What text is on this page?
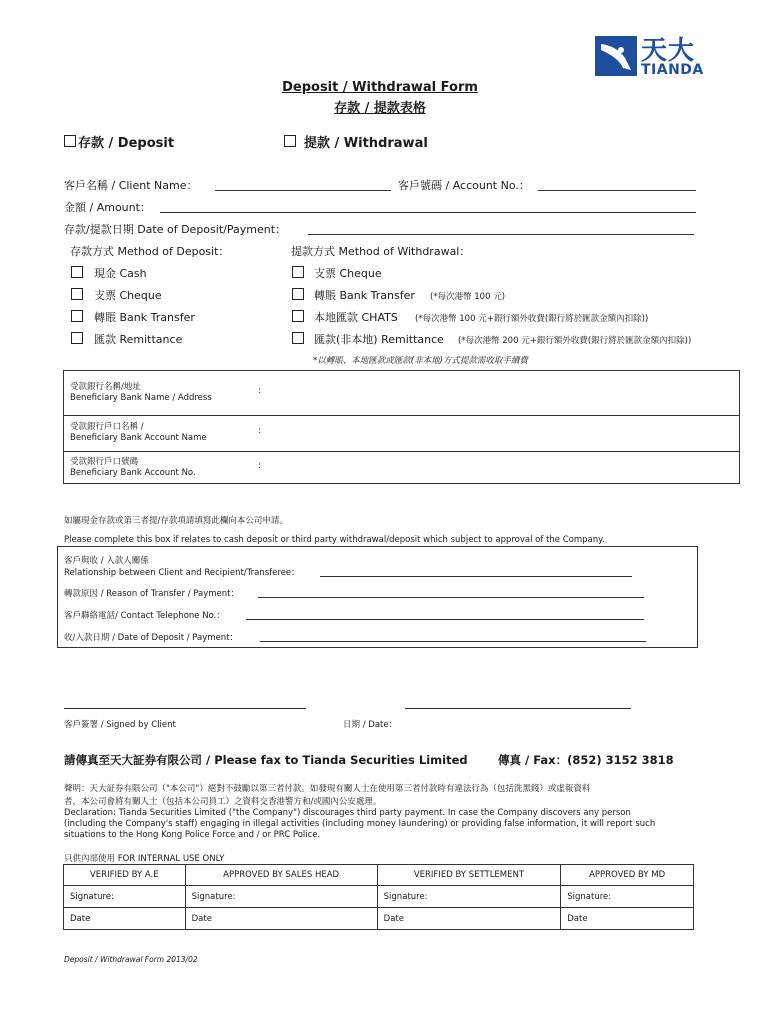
天大
TIANDA
Deposit / Withdrawal Form
存款 / 提款表格
存款 / Deposit	提款 / Withdrawal
客戶名稱 / Client Name：	客戶號碼 / Account No.：
金額 / Amount：
存款/提款日期 Date of Deposit/Payment：
存款方式 Method of Deposit：	提款方式 Method of Withdrawal：
現金 Cash
支票 Cheque
轉賬 Bank Transfer
匯款 Remittance
支票 Cheque
轉賬 Bank Transfer (*每次港幣 100 元)
本地匯款 CHATS (*每次港幣 100 元+銀行額外收費(銀行將於匯款金額內扣除))
匯款(非本地) Remittance (*每次港幣 200 元+銀行額外收費(銀行將於匯款金額內扣除))
*以轉賬、本地匯款或匯款(非本地)方式提款需收取手續費
受款銀行名稱/地址
Beneficiary Bank Name / Address
:
受款銀行戶口名稱 /
Beneficiary Bank Account Name
:
受款銀行戶口號碼
Beneficiary Bank Account No.
:
如屬現金存款或第三者提/存款項請填寫此欄向本公司申請。
Please complete this box if relates to cash deposit or third party withdrawal/deposit which subject to approval of the Company.
客戶與收 / 入款人關係
Relationship between Client and Recipient/Transferee：
轉款原因 / Reason of Transfer / Payment：
客戶聯絡電話/ Contact Telephone No.：
收/入款日期 / Date of Deposit / Payment：
客戶簽署 / Signed by Client	日期 / Date：
請傳真至天大証券有限公司 / Please fax to Tianda Securities Limited	傳真 / Fax：(852) 3152 3818
聲明：天大証券有限公司（"本公司"）絕對不鼓勵以第三者付款。如發現有關人士在使用第三者付款時有違法行為（包括洗黑錢）或虛報資料
者，本公司會將有關人士（包括本公司員工）之資料交香港警方和/或國內公安處理。
Declaration: Tianda Securities Limited ("the Company") discourages third party payment. In case the Company discovers any person
(including the Company's staff) engaging in illegal activities (including money laundering) or providing false information, it will report such
situations to the Hong Kong Police Force and / or PRC Police.
只供內部使用 FOR INTERNAL USE ONLY
VERIFIED BY A.E	APPROVED BY SALES HEAD	VERIFIED BY SETTLEMENT	APPROVED BY MD
Signature:	Signature:	Signature:	Signature:
Date	Date	Date	Date
Deposit / Withdrawal Form 2013/02
